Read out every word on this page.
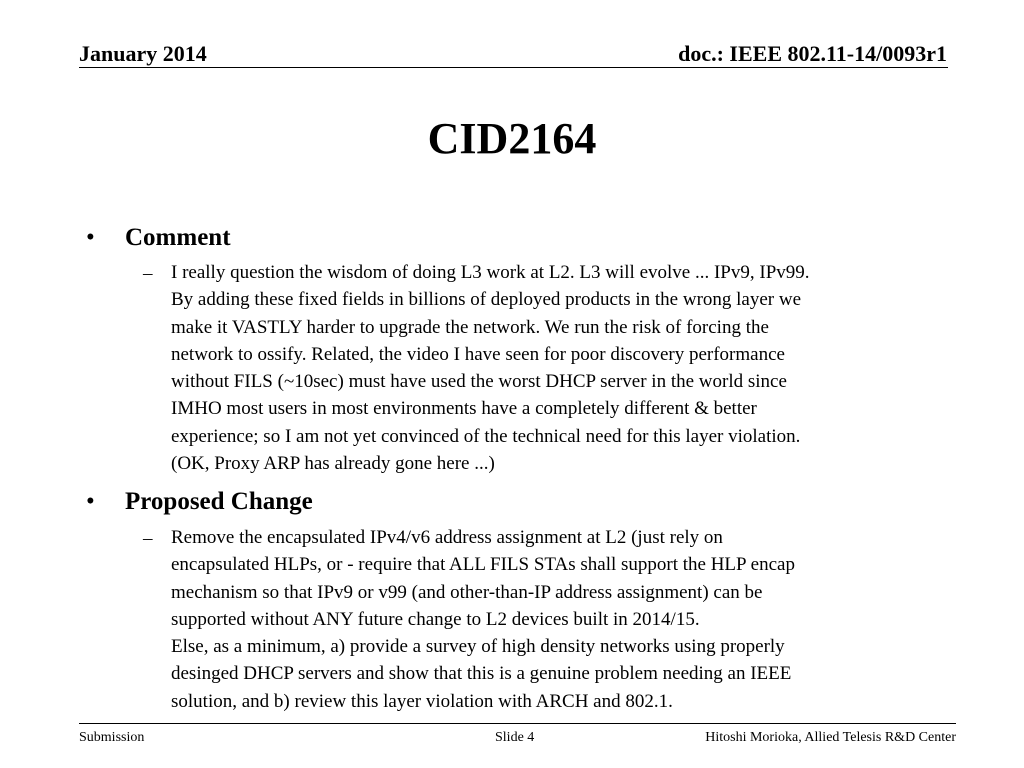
January 2014	doc.: IEEE 802.11-14/0093r1
CID2164
• Comment
– I really question the wisdom of doing L3 work at L2. L3 will evolve ... IPv9, IPv99.
By adding these fixed fields in billions of deployed products in the wrong layer we
make it VASTLY harder to upgrade the network. We run the risk of forcing the
network to ossify. Related, the video I have seen for poor discovery performance
without FILS (~10sec) must have used the worst DHCP server in the world since
IMHO most users in most environments have a completely different & better
experience; so I am not yet convinced of the technical need for this layer violation.
(OK, Proxy ARP has already gone here ...)
• Proposed Change
– Remove the encapsulated IPv4/v6 address assignment at L2 (just rely on
encapsulated HLPs, or - require that ALL FILS STAs shall support the HLP encap
mechanism so that IPv9 or v99 (and other-than-IP address assignment) can be
supported without ANY future change to L2 devices built in 2014/15.
Else, as a minimum, a) provide a survey of high density networks using properly
desinged DHCP servers and show that this is a genuine problem needing an IEEE
solution, and b) review this layer violation with ARCH and 802.1.
Submission	Slide 4	Hitoshi Morioka, Allied Telesis R&D Center
